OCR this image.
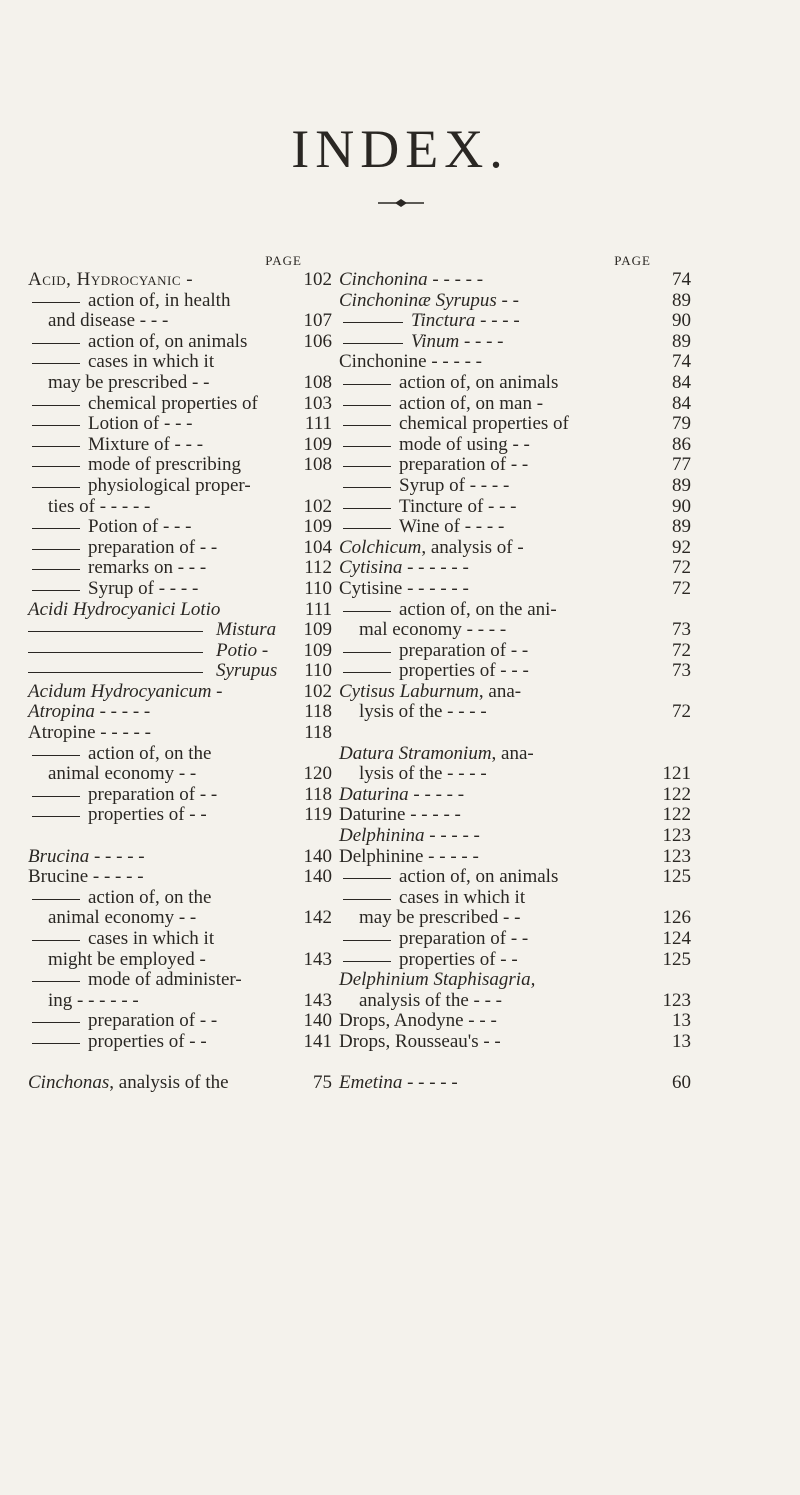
INDEX.
PAGE
Acid, Hydrocyanic -	102
action of, in health
and disease - - -	107
action of, on animals	106
cases in which it
may be prescribed - -	108
chemical properties of 103
Lotion of - - -	111
Mixture of - - -	109
mode of prescribing	108
physiological proper-
ties of - - - - -	102
Potion of - - -	109
preparation of - -	104
remarks on - - -	112
Syrup of - - - -	110
Acidi Hydrocyanici Lotio	111
Mistura 109
Potio - 109
Syrupus 110
Acidum Hydrocyanicum -	102
Atropina - - - - -	118
Atropine - - - - -	118
action of, on the
animal economy - -	120
preparation of - -	118
properties of - -	119
Brucina - - - - -	140
Brucine - - - - -	140
action of, on the
animal economy - -	142
cases in which it
might be employed -	143
mode of administer-
ing - - - - - -	143
preparation of - -	140
properties of - -	141
Cinchonas, analysis of the	75
PAGE
Cinchonina - - - - -	74
Cinchoninæ Syrupus - -	89
Tinctura - - - -	90
Vinum - - - -	89
Cinchonine - - - - -	74
action of, on animals	84
action of, on man -	84
chemical properties of	79
mode of using - -	86
preparation of - -	77
Syrup of - - - -	89
Tincture of - - -	90
Wine of - - - -	89
Colchicum, analysis of -	92
Cytisina - - - - - -	72
Cytisine - - - - - -	72
action of, on the ani-
mal economy - - - -	73
preparation of - -	72
properties of - - -	73
Cytisus Laburnum, ana-
lysis of the - - - -	72
Datura Stramonium, ana-
lysis of the - - - -	121
Daturina - - - - -	122
Daturine - - - - -	122
Delphinina - - - - -	123
Delphinine - - - - -	123
action of, on animals	125
cases in which it
may be prescribed - -	126
preparation of - -	124
properties of - -	125
Delphinium Staphisagria,
analysis of the - - -	123
Drops, Anodyne - - -	13
Drops, Rousseau's - -	13
Emetina - - - - -	60
